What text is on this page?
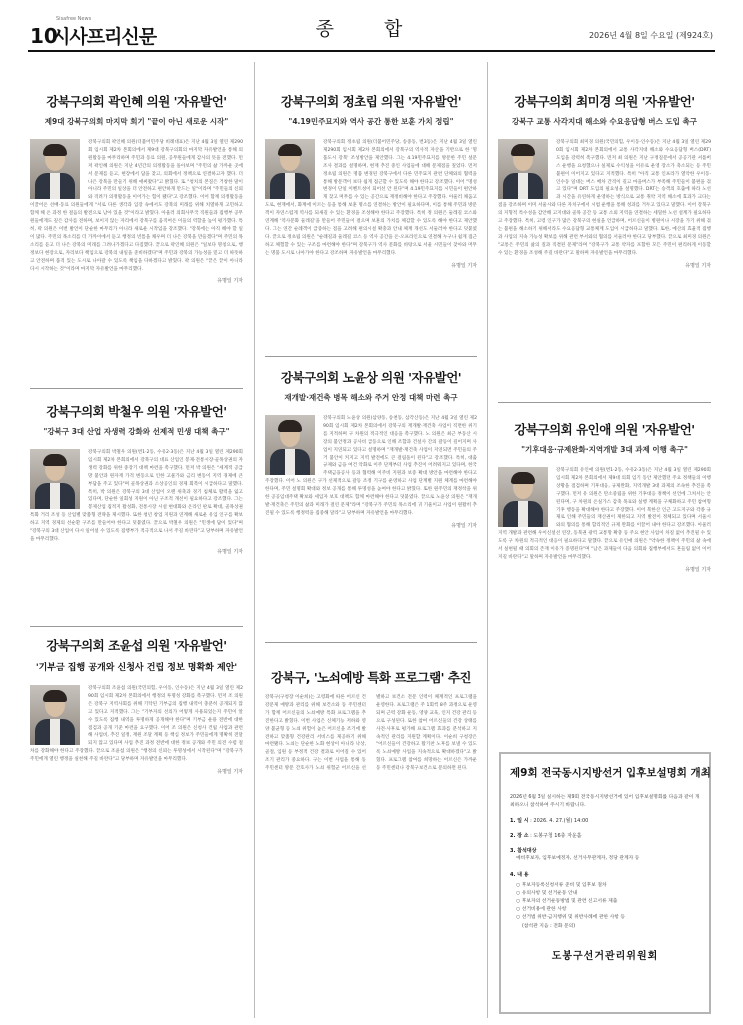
10
Sisafree News
시사프리신문	종 합	2026년 4월 8일 수요일 (제924호)
강북구의회 곽인혜 의원 '자유발언'
제9대 강북구의회 마지막 회기 "끝이 아닌 새로운 시작"
강북구의회 곽인혜 의원(더불어민주당 비례대표)은 지난 4월 3일 열린 제290회 임시회 제2차 본회의에서 제9대 강북구의회의 마지막 자유발언을 통해 의원활동을 마무리하며 주민과 동료 의원, 공무원들에게 감사의 뜻을 전했다. 먼저 곽인혜 의원은 지난 4년간의 의정활동을 돌아보며 "주민의 삶 가까운 곳에서 문제를 듣고, 현장에서 답을 찾고, 의회에서 정책으로 연결하고자 했다. 더 나은 강북을 만들기 위해 애써왔다"고 밝혔다. 또 "청치의 본질은 거창한 말이 아니라 주민의 일상을 더 안전하고 편안하게 만드는 일"이라며 "주민들의 신뢰와 격려가 의정활동을 이어가는 힘이 됐다"고 강조했다. 이어 함께 의정활동을 이끌어온 선배·동료 의원들에게 "서로 다른 생각과 입장 속에서도 강북의 미래를 위해 치열하게 고민하고 함께 해 온 과정 한 걸음의 발전으로 남아 있을 것"이라고 밝혔다. 아울러 의회사무국 직원들과 집행부 공무원들에게도 깊은 감사를 전하며, 보이지 않는 자리에서 강북구를 움직여온 이들의 역할을 높이 평가했다. 특히, 곽 의원은 이번 발언이 단순한 마무리가 아니라 새로운 시작임을 강조했다. "강북에는 아직 해야 할 일이 많다. 주민의 목소리를 더 가까이에서 듣고 행정의 빈틈을 채우며 더 나은 강북을 만들겠다"며 주민의 목소리를 듣고 더 나은 강북의 미래를 그려나가겠다고 다짐했다. 끝으로 곽인혜 의원은 "일보다 명칭으로, 행정보다 현장으로, 자리보다 책임으로 강북의 내일을 준비하겠다"며 주민과 강북의 가능성을 믿고 더 따뜻하고 안전하며 품격 있는 도시로 나아갈 수 있도록 책임을 다하겠다고 밝혔다. 곽 의원은 "끝은 끝이 아니라 다시 시작하는 것"이라며 마지막 자유발언을 마무리했다.
유명일 기자
강북구의회 박철우 의원 '자유발언'
"강북구 3대 산업 자생력 강화와 선제적 민생 대책 촉구"
강북구의회 박철우 의원(번1·2동, 수유2·3동)은 지난 4월 3일 열린 제290회 임시회 제2차 본회의에서 강북구의 대표 산업인 봉제·전통시장·골목상권의 자생력 강화를 위한 중장기 대책 마련을 촉구했다. 먼저 박 의원은 "세계적 공급망 불안과 원자재 가격 변동으로 인한 고물가와 금리 변동이 지역 경제에 큰 부담을 주고 있다"며 골목상권과 소상공인의 경제 회복이 시급하다고 말했다. 특히, 박 의원은 강북구의 3대 산업이 오랜 위축과 경기 침체로 활력을 잃고 있다며, 단순한 일회성 지원이 아닌 구조적 개선이 필요하다고 강조했다. 그는 봉제산업 집적지 활성화, 전통시장 시설 현대화와 온라인 판로 확대, 골목상권 특화 거리 조성 등 산업별 맞춤형 전략을 제시했다. 또한 청년 창업 지원과 연계해 새로운 유입 인구를 확보하고 지역 경제의 선순환 구조를 만들어야 한다고 덧붙였다. 끝으로 박철우 의원은 "민생에 답이 있다"며 "강북구의 3대 산업이 다시 일어설 수 있도록 집행부가 적극적으로 나서 주길 바란다"고 당부하며 자유발언을 마무리했다.
유명일 기자
강북구의회 조윤섭 의원 '자유발언'
'기부금 집행 공개와 신청사 건립 정보 명확화 제안'
강북구의회 조윤섭 의원(국민의힘, 우이동, 인수동)은 지난 4월 3일 열린 제290회 임시회 제2차 본회의에서 행정의 투명성 강화를 촉구했다. 먼저 조 의원은 강북구 지역사회를 위해 기탁된 기부금의 집행 내역이 충분히 공개되지 않고 있다고 지적했다. 그는 "기부자의 선의가 어떻게 사용되었는지 주민이 알 수 있도록 집행 내역을 투명하게 공개해야 한다"며 기부금 운용 전반에 대한 점검과 공개 기준 마련을 요구했다. 이어 조 의원은 신청사 건립 사업과 관련해 사업비, 추진 일정, 재원 조달 계획 등 핵심 정보가 주민들에게 명확히 전달되지 않고 있다며 사업 추진 과정 전반에 대한 정보 공개와 주민 의견 수렴 절차를 강화해야 한다고 주장했다. 끝으로 조윤섭 의원은 "행정의 신뢰는 투명성에서 시작된다"며 "강북구가 주민에게 열린 행정을 실천해 주길 바란다"고 당부하며 자유발언을 마무리했다.
유명일 기자
강북구의회 정초립 의원 '자유발언'
"4.19민주묘지와 역사 공간 통한 보훈 가치 정립"
강북구의회 정초립 의원(더불어민주당, 송중동, 번3동)은 지난 4월 3일 열린 제290회 임시회 제2차 본회의에서 강북구의 역사적 자산을 기반으로 한 '명품도시 강북' 조성방안을 제안했다. 그는 4.19민주묘지를 방문한 주민 설문 조사 결과를 설명하며, 현재 추진 중인 사업들에 대해 문제점을 짚었다. 먼저 정초립 의원은 명품 변경된 강북구에서 다른 민주묘지 관련 단체와의 협력을 통해 방문객이 보다 쉽게 접근할 수 있도록 해야 한다고 강조했다. 이어 "명성 변경이 단일 이벤트성이 되어선 안 된다"며 4.19민주묘지를 시민들이 편안하게 찾고 머무를 수 있는 공간으로 재정비해야 한다고 주장했다. 아울러 채움고도로, 현재에서, 화계에 이르는 등을 통해 보훈 명소를 연결하는 방안이 필요하다며, 이를 통해 주민과 방문객이 자연스럽게 역사를 되새길 수 있는 환경을 조성해야 한다고 주장했다. 특히 정 의원은 둘레길 코스와 연계해 '역사문화 둘레길'을 만들어 주민들이 걸으며 보훈의 가치를 체감할 수 있도록 해야 한다고 제안했다. 그는 연간 순례객이 급증하는 점을 고려해 편의시설 확충과 안내 체계 개선도 서둘러야 한다고 덧붙였다. 끝으로 정초립 의원은 "순례길과 둘레길 코스 등 역사 공간을 온·오프라인으로 연결해 누구나 쉽게 접근하고 체험할 수 있는 구조를 마련해야 한다"며 강북구가 역사 문화를 바탕으로 서울 시민들이 찾아와 머무는 명품 도시로 나아가야 한다고 강조하며 자유발언을 마무리했다.
유명일 기자
강북구의회 노윤상 의원 '자유발언'
재개발·재건축 병목 해소와 주거 안정 대책 마련 촉구
강북구의회 노윤상 의원(삼양동, 송천동, 삼각산동)은 지난 4월 3일 열린 제290회 임시회 제2차 본회의에서 강북구의 재개발·재건축 사업이 직면한 위기를 지적하며 구 차원의 적극적인 대응을 촉구했다. 노 의원은 최근 부동산 시장의 불안정과 공사비 급등으로 인해 조합과 건설사 간의 갈등이 깊어지며 사업이 지연되고 있다고 설명하며 "재개발·재건축 사업이 지연되면 주민들의 주거 불안이 커지고 지역 발전에도 큰 걸림돌이 된다"고 강조했다. 특히, 대출 규제와 금융 여건 악화로 이주 단계부터 사업 추진이 어려워지고 있다며, 한국주택금융공사 등과 협력해 이주비 지원과 보증 확대 방안을 마련해야 한다고 주장했다. 이어 노 의원은 구가 선제적으로 갈등 조정 기구를 운영하고 사업 단계별 지원 체계를 마련해야 한다며, 주민 설명회 확대와 정보 공개를 통해 투명성을 높여야 한다고 밝혔다. 또한 원주민의 재정착을 위한 공공임대주택 확보와 세입자 보호 대책도 함께 마련해야 한다고 덧붙였다. 끝으로 노윤상 의원은 "재개발·재건축은 주민의 삶과 미래가 걸린 문제"라며 "강북구가 주민의 목소리에 귀 기울이고 사업이 원활히 추진될 수 있도록 행정력을 집중해 달라"고 당부하며 자유발언을 마무리했다.
유명일 기자
강북구, '노쇠예방 특화 프로그램' 추진
강북구(구청장 이순희)는 고령화에 따른 어르신 건강문제 예방과 관리를 위해 보건소와 동 주민센터가 함께 어르신들의 노쇠예방 특화 프로그램을 추진한다고 밝혔다. 이번 사업은 신체기능 저하와 영양 불균형 등 노쇠 위험이 높은 어르신을 조기에 발견하고 맞춤형 건강관리 서비스를 제공하기 위해 마련됐다. 노쇠는 단순한 노화 현상이 아니라 낙상, 골절, 입원 등 부정적 건강 결과로 이어질 수 있어 조기 관리가 중요하다. 구는 이번 사업을 통해 동 주민센터 방문 간호사가 노쇠 위험군 어르신을 선별하고 보건소 전문 인력이 체계적인 프로그램을 운영한다. 프로그램은 주 1회씩 8주 과정으로 운영되며 근력 강화 운동, 영양 교육, 인지 건강 관리 등으로 구성된다. 또한 참여 어르신들의 건강 상태를 사전·사후로 평가해 프로그램 효과를 분석하고 지속적인 관리를 지원할 계획이다. 이순희 구청장은 "어르신들이 건강하고 활기찬 노후를 보낼 수 있도록 노쇠예방 사업을 지속적으로 확대하겠다"고 밝혔다. 프로그램 참여를 희망하는 어르신은 가까운 동 주민센터나 강북구보건소로 문의하면 된다.
강북구의회 최미경 의원 '자유발언'
강북구 교통 사각지대 해소와 수요응답형 버스 도입 촉구
강북구의회 최미경 의원(국민의힘, 우이동·인수동)은 지난 4월 3일 열린 제290회 임시회 제2차 본회의에서 교통 사각지대 해소와 수요응답형 버스(DRT) 도입을 강력히 촉구했다. 먼저 최 의원은 지난 구정질문에서 공공기관 셔틀버스 운행을 요청했으나 실제로 수익성을 이유로 운영 장소가 축소되는 등 주민 불편이 이어지고 있다고 지적했다. 특히 "아직 교통 인프라가 열악한 우이동·인수동 일대는 버스 배차 간격이 길고 마을버스가 부족해 주민들이 불편을 겪고 있다"며 DRT 도입의 필요성을 설명했다. DRT는 승객의 호출에 따라 노선과 시간을 유연하게 운영하는 방식으로 교통 취약 지역 해소에 효과가 크다는 점을 강조하며 이미 서울시와 다른 자치구에서 시범 운행을 통해 성과를 거두고 있다고 말했다. 이어 강북구의 지형적 특수성을 감안해 고지대와 골목 공간 등 교통 소외 지역을 연결하는 세밀한 노선 설계가 필요하다고 주장했다. 특히, 고령 인구가 많은 강북구의 현실을 언급하며, 어르신들이 병원이나 시장을 가기 위해 겪는 불편을 해소하기 위해서라도 수요응답형 교통체계 도입이 시급하다고 말했다. 또한, 예산의 효율적 집행과 사업의 지속 가능성 확보를 위해 관련 부서와의 협의를 서둘러야 한다고 당부했다. 끝으로 최미경 의원은 "교통은 주민의 삶의 질과 직결된 문제"라며 "강북구가 교통 약자를 포함한 모든 주민이 편리하게 이동할 수 있는 환경을 조성해 주길 바란다"고 말하며 자유발언을 마무리했다.
유명일 기자
강북구의회 유인애 의원 '자유발언'
"기후대응·규제완화·지역개발 3대 과제 이행 촉구"
강북구의회 유인애 의원(번1·2동, 수유2·3동)은 지난 4월 3일 열린 제290회 임시회 제2차 본회의에서 제9대 의회 임기 동안 제안했던 주요 정책들의 이행 상황을 점검하며 기후대응, 규제완화, 지역개발 3대 과제의 조속한 추진을 촉구했다. 먼저 유 의원은 탄소중립을 위한 기후대응 정책이 선언에 그쳐서는 안 된다며, 구 차원의 온실가스 감축 목표와 실행 계획을 구체화하고 주민 참여형 기후 행동을 확대해야 한다고 주장했다. 이어 북한산 인근 고도지구와 각종 규제로 인해 주민들의 재산권이 제한되고 지역 발전이 정체되고 있다며 서울시와의 협의를 통해 합리적인 규제 완화를 이끌어 내야 한다고 강조했다. 아울러 지역 개발과 관련해 우이신설선 연장, 동북권 광역 교통망 확충 등 주요 현안 사업이 차질 없이 추진될 수 있도록 구 차원의 적극적인 대응이 필요하다고 말했다. 끝으로 유인애 의원은 "약속한 정책이 주민의 삶 속에서 실현될 때 의회의 존재 이유가 증명된다"며 "남은 과제들이 다음 의회와 집행부에서도 흔들림 없이 이어지길 바란다"고 말하며 자유발언을 마무리했다.
유명일 기자
제9회 전국동시지방선거 입후보설명회 개최
2026년 6월 3일 실시하는 제9회 전국동시지방선거에 있어 입후보설명회를 다음과 같이 개최하오니 참석하여 주시기 바랍니다.
1. 일 시 : 2026. 4. 27.(월) 14:00
2. 장 소 : 도봉구청 16층 자운홀
3. 참석대상
예비후보자, 입후보예정자, 선거사무관계자, 정당 관계자 등
4. 내 용
○ 후보자등록신청서류 준비 및 입후보 절차
○ 유의사항 및 선거운동 안내
○ 후보자의 선거운동방법 및 관련 신고서류 제출
○ 선거비용에 관한 사항
○ 선거법 위반·금지행위 및 위반사례에 관한 사항 등
(참석관 지음 : 전화 문의)
도봉구선거관리위원회
